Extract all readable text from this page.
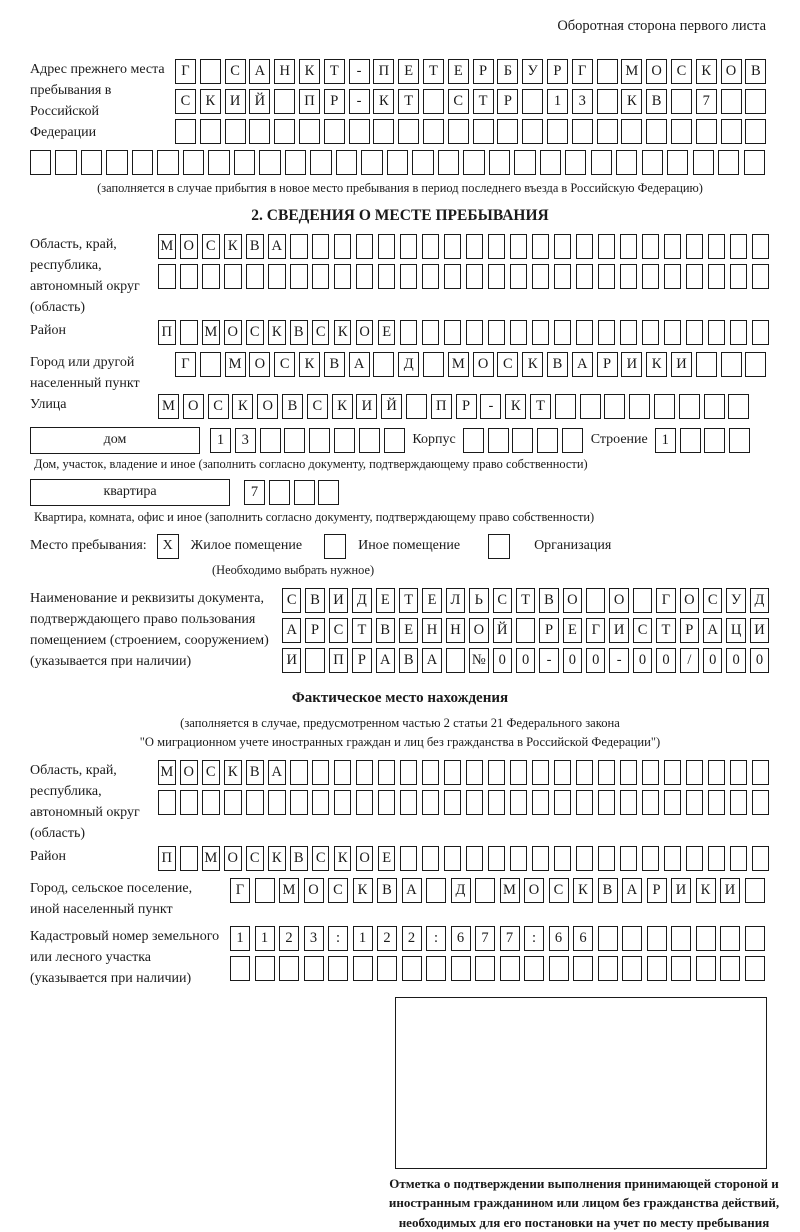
Оборотная сторона первого листа
Адрес прежнего места пребывания в Российской Федерации
Г	С	А Н	К	Т	-	П	Е	Т	Е	Р	Б	У	Р	Г	М О	С	К	О	В
С	К	И Й	П	Р	-	К	Т	С	Т	Р	1	3	К	В	7
(заполняется в случае прибытия в новое место пребывания в период последнего въезда в Российскую Федерацию)
2. СВЕДЕНИЯ О МЕСТЕ ПРЕБЫВАНИЯ
Область, край, республика, автономный округ (область)
М О С К В А
Район	П М О С К В С К О Е
Город или другой населенный пункт
Г	М О	С	К	В	А	Д	М О	С	К	В	А	Р	И	К	И
Улица	М О	С	К	О	В	С	К	И Й	П	Р	-	К	Т
дом	1	3	Корпус	Строение 1
Дом, участок, владение и иное (заполнить согласно документу, подтверждающему право собственности)
квартира	7
Квартира, комната, офис и иное (заполнить согласно документу, подтверждающему право собственности)
Место пребывания:	X	Жилое помещение	Иное помещение	Организация
(Необходимо выбрать нужное)
Наименование и реквизиты документа, подтверждающего право пользования помещением (строением, сооружением) (указывается при наличии)
С В И Д Е	Т	Е Л Ь С Т В О	О	Г О С У Д
А Р	С Т В Е Н Н О Й	Р	Е	Г И С Т	Р А Ц И
И	П Р А В А	№ 0	0	-	0	0	-	0	0	/	0	0	0
Фактическое место нахождения
(заполняется в случае, предусмотренном частью 2 статьи 21 Федерального закона
"О миграционном учете иностранных граждан и лиц без гражданства в Российской Федерации")
Область, край, республика, автономный округ (область)
М О С К В А
Район	П М О С К В С К О Е
Город, сельское поселение, иной населенный пункт
Г	М О С	К	В А	Д	М О С	К	В А	Р	И К И
Кадастровый номер земельного или лесного участка (указывается при наличии)
1	1	2	3	:	1	2	2	:	6	7	7	:	6	6
Отметка о подтверждении выполнения принимающей стороной и иностранным гражданином или лицом без гражданства действий, необходимых для его постановки на учет по месту пребывания
